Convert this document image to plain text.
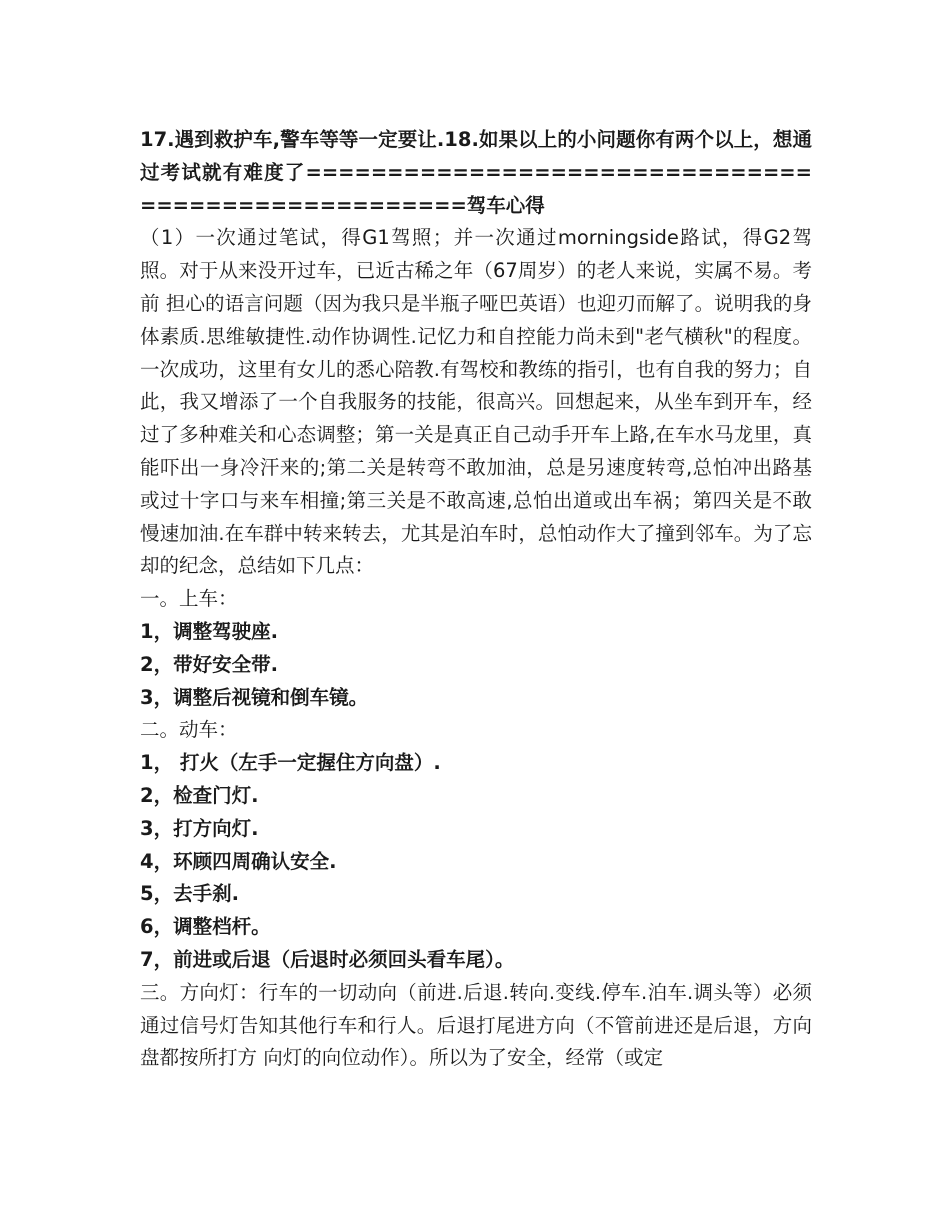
17.遇到救护车,警车等等一定要让.18.如果以上的小问题你有两个以上，想通过考试就有难度了===================================================驾车心得

（1）一次通过笔试，得G1驾照；并一次通过morningside路试，得G2驾照。对于从来没开过车，已近古稀之年（67周岁）的老人来说，实属不易。考前 担心的语言问题（因为我只是半瓶子哑巴英语）也迎刃而解了。说明我的身体素质.思维敏捷性.动作协调性.记忆力和自控能力尚未到"老气横秋"的程度。一次成功，这里有女儿的悉心陪教.有驾校和教练的指引，也有自我的努力；自此，我又增添了一个自我服务的技能，很高兴。回想起来，从坐车到开车，经过了多种难关和心态调整；第一关是真正自己动手开车上路,在车水马龙里，真能吓出一身冷汗来的;第二关是转弯不敢加油，总是另速度转弯,总怕冲出路基或过十字口与来车相撞;第三关是不敢高速,总怕出道或出车祸；第四关是不敢慢速加油.在车群中转来转去，尤其是泊车时，总怕动作大了撞到邻车。为了忘却的纪念，总结如下几点：

一。上车：

1，调整驾驶座.

2，带好安全带.

3，调整后视镜和倒车镜。

二。动车：

1， 打火（左手一定握住方向盘）.

2，检查门灯.

3，打方向灯.

4，环顾四周确认安全.

5，去手刹.

6，调整档杆。

7，前进或后退（后退时必须回头看车尾）。

三。方向灯：行车的一切动向（前进.后退.转向.变线.停车.泊车.调头等）必须通过信号灯告知其他行车和行人。后退打尾进方向（不管前进还是后退，方向盘都按所打方 向灯的向位动作）。所以为了安全，经常（或定
